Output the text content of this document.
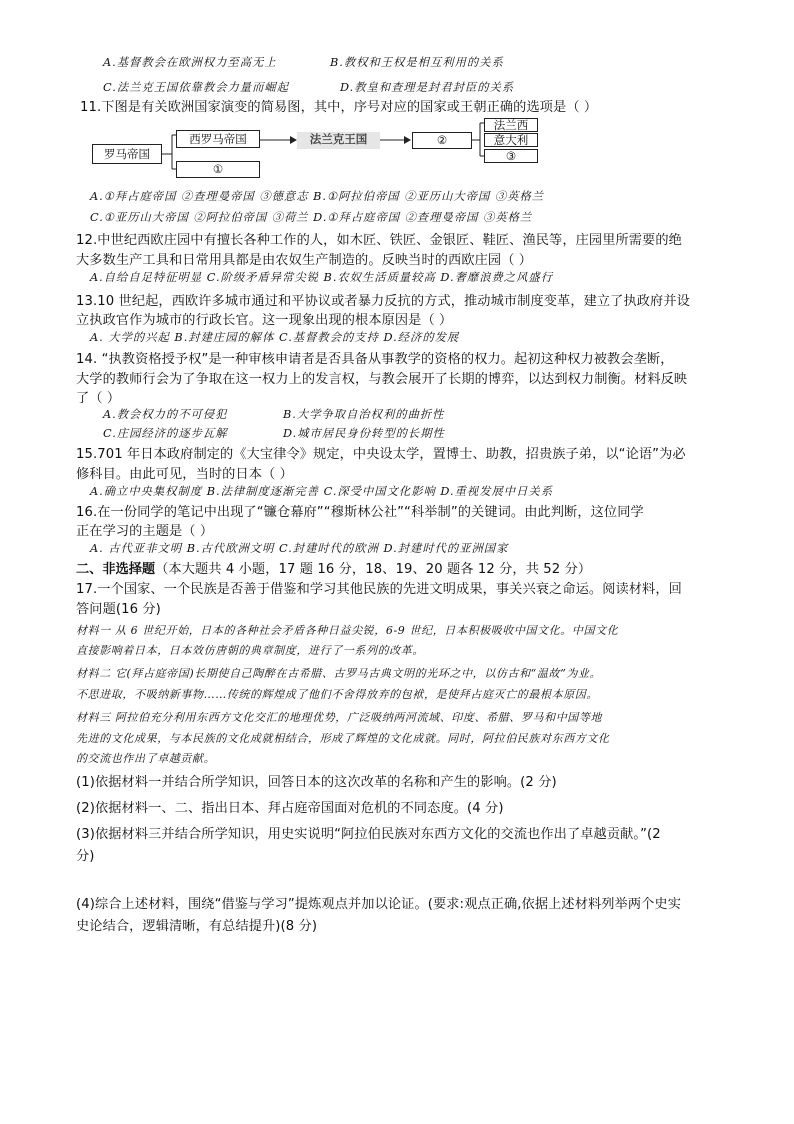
A.基督教会在欧洲权力至高无上	B.教权和王权是相互利用的关系
C.法兰克王国依靠教会力量而崛起	D.教皇和查理是封君封臣的关系
11.下图是有关欧洲国家演变的简易图，其中，序号对应的国家或王朝正确的选项是（ ）
罗马帝国
西罗马帝国
①
法兰克王国	②
法兰西
意大利
③
A.①拜占庭帝国 ②查理曼帝国 ③德意志 B.①阿拉伯帝国 ②亚历山大帝国 ③英格兰
C.①亚历山大帝国 ②阿拉伯帝国 ③荷兰 D.①拜占庭帝国 ②查理曼帝国 ③英格兰
12.中世纪西欧庄园中有擅长各种工作的人，如木匠、铁匠、金银匠、鞋匠、渔民等，庄园里所需要的绝
大多数生产工具和日常用具都是由农奴生产制造的。反映当时的西欧庄园（ ）
A.自给自足特征明显 C.阶级矛盾异常尖锐 B.农奴生活质量较高 D.奢靡浪费之风盛行
13.10 世纪起，西欧许多城市通过和平协议或者暴力反抗的方式，推动城市制度变革，建立了执政府并设
立执政官作为城市的行政长官。这一现象出现的根本原因是（ ）
A. 大学的兴起 B.封建庄园的解体 C.基督教会的支持 D.经济的发展
14. “执教资格授予权”是一种审核申请者是否具备从事教学的资格的权力。起初这种权力被教会垄断，
大学的教师行会为了争取在这一权力上的发言权，与教会展开了长期的博弈，以达到权力制衡。材料反映
了（ ）
A.教会权力的不可侵犯	B.大学争取自治权利的曲折性
C.庄园经济的逐步瓦解	D.城市居民身份转型的长期性
15.701 年日本政府制定的《大宝律令》规定，中央设太学，置博士、助教，招贵族子弟，以“论语”为必
修科目。由此可见，当时的日本（ ）
A.确立中央集权制度 B.法律制度逐渐完善 C.深受中国文化影响 D.重视发展中日关系
16.在一份同学的笔记中出现了“镰仓幕府”“穆斯林公社”“科举制”的关键词。由此判断，这位同学
正在学习的主题是（ ）
A. 古代亚非文明 B.古代欧洲文明 C.封建时代的欧洲 D.封建时代的亚洲国家
二、非选择题（本大题共 4 小题，17 题 16 分，18、19、20 题各 12 分，共 52 分）
17.一个国家、一个民族是否善于借鉴和学习其他民族的先进文明成果，事关兴衰之命运。阅读材料，回
答问题(16 分)
材料一 从 6 世纪开始，日本的各种社会矛盾各种日益尖锐，6-9 世纪，日本积极吸收中国文化。中国文化
直接影响着日本，日本效仿唐朝的典章制度，进行了一系列的改革。
材料二 它(拜占庭帝国)长期使自己陶醉在古希腊、古罗马古典文明的光环之中，以仿古和“温故”为业。
不思进取，不吸纳新事物……传统的辉煌成了他们不舍得放弃的包袱，是使拜占庭灭亡的最根本原因。
材料三 阿拉伯充分利用东西方文化交汇的地理优势，广泛吸纳两河流域、印度、希腊、罗马和中国等地
先进的文化成果，与本民族的文化成就相结合，形成了辉煌的文化成就。同时，阿拉伯民族对东西方文化
的交流也作出了卓越贡献。
(1)依据材料一并结合所学知识，回答日本的这次改革的名称和产生的影响。(2 分)
(2)依据材料一、二、指出日本、拜占庭帝国面对危机的不同态度。(4 分)
(3)依据材料三并结合所学知识，用史实说明“阿拉伯民族对东西方文化的交流也作出了卓越贡献。”(2
分)
(4)综合上述材料，围绕“借鉴与学习”提炼观点并加以论证。(要求:观点正确,依据上述材料列举两个史实
史论结合，逻辑清晰，有总结提升)(8 分)
